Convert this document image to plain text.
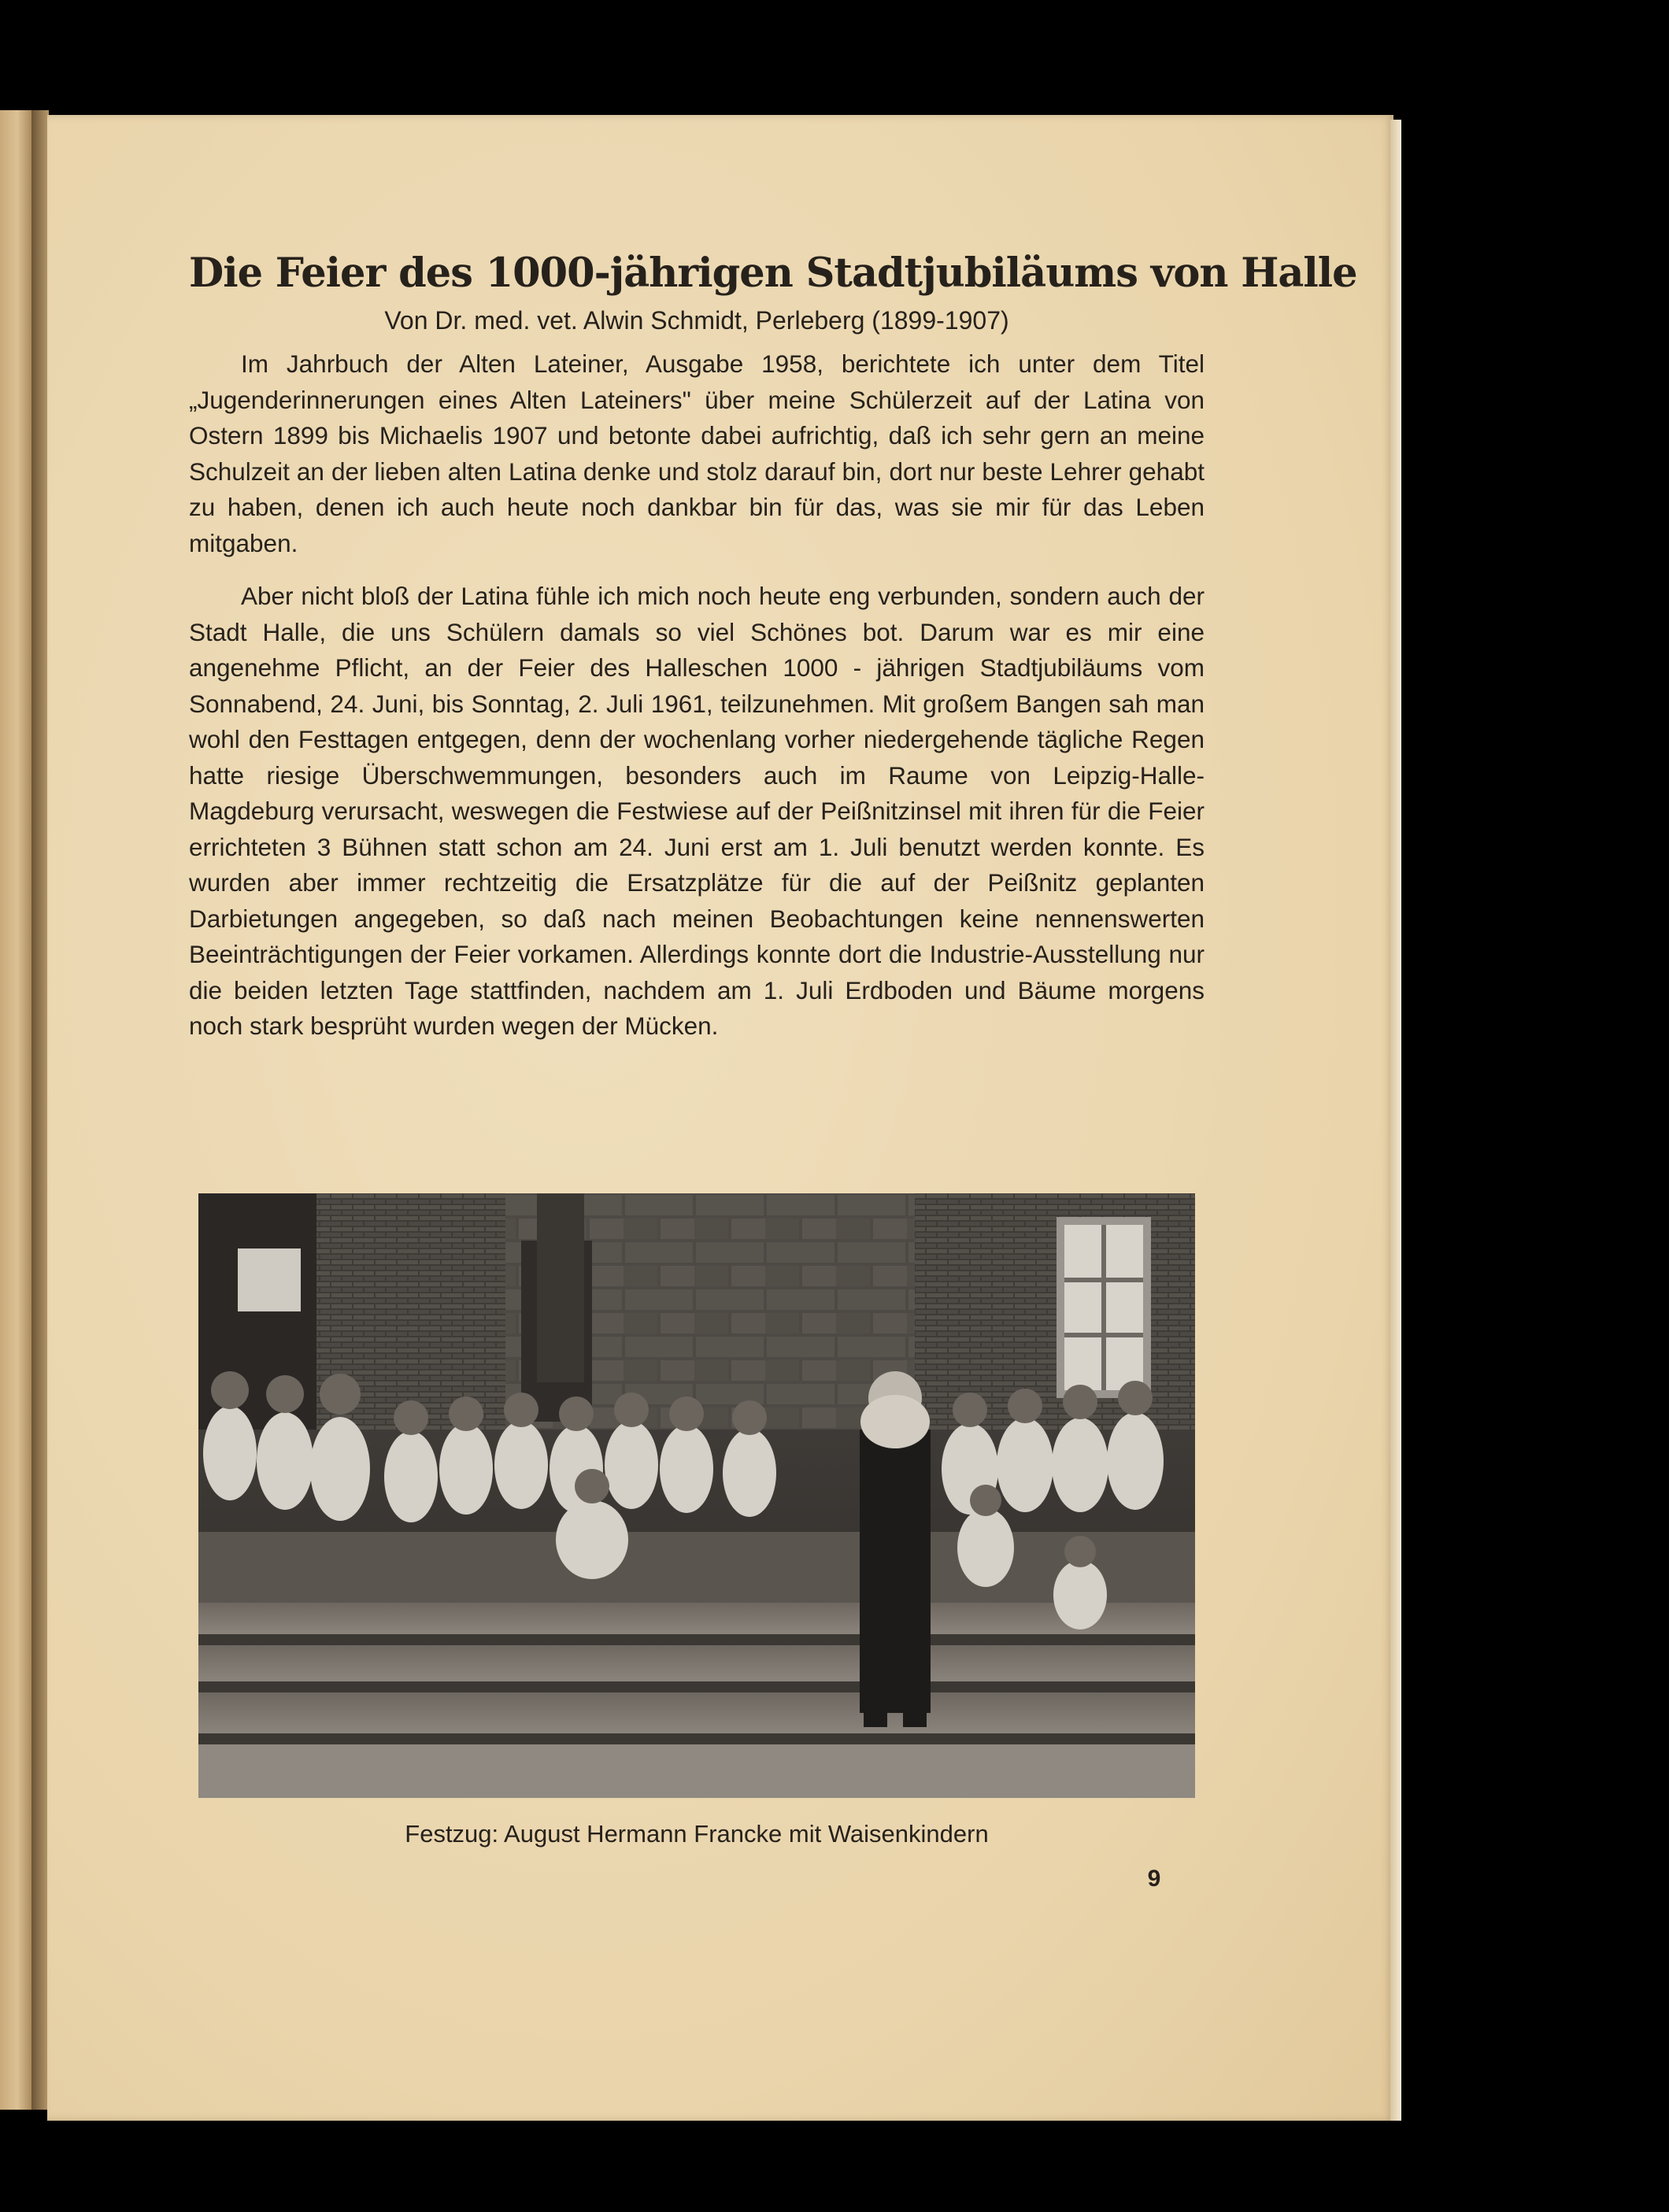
Die Feier des 1000-jährigen Stadtjubiläums von Halle
Von Dr. med. vet. Alwin Schmidt, Perleberg (1899-1907)

Im Jahrbuch der Alten Lateiner, Ausgabe 1958, berichtete ich unter dem Titel „Jugenderinnerungen eines Alten Lateiners" über meine Schülerzeit auf der Latina von Ostern 1899 bis Michaelis 1907 und betonte dabei aufrichtig, daß ich sehr gern an meine Schulzeit an der lieben alten Latina denke und stolz darauf bin, dort nur beste Lehrer gehabt zu haben, denen ich auch heute noch dankbar bin für das, was sie mir für das Leben mitgaben.

Aber nicht bloß der Latina fühle ich mich noch heute eng verbunden, sondern auch der Stadt Halle, die uns Schülern damals so viel Schönes bot. Darum war es mir eine angenehme Pflicht, an der Feier des Halleschen 1000 - jährigen Stadtjubiläums vom Sonnabend, 24. Juni, bis Sonntag, 2. Juli 1961, teilzunehmen. Mit großem Bangen sah man wohl den Festtagen entgegen, denn der wochenlang vorher niedergehende tägliche Regen hatte riesige Überschwemmungen, besonders auch im Raume von Leipzig-Halle-Magdeburg verursacht, weswegen die Festwiese auf der Peißnitzinsel mit ihren für die Feier errichteten 3 Bühnen statt schon am 24. Juni erst am 1. Juli benutzt werden konnte. Es wurden aber immer rechtzeitig die Ersatzplätze für die auf der Peißnitz geplanten Darbietungen angegeben, so daß nach meinen Beobachtungen keine nennenswerten Beeinträchtigungen der Feier vorkamen. Allerdings konnte dort die Industrie-Ausstellung nur die beiden letzten Tage stattfinden, nachdem am 1. Juli Erdboden und Bäume morgens noch stark besprüht wurden wegen der Mücken.

Festzug: August Hermann Francke mit Waisenkindern
9
